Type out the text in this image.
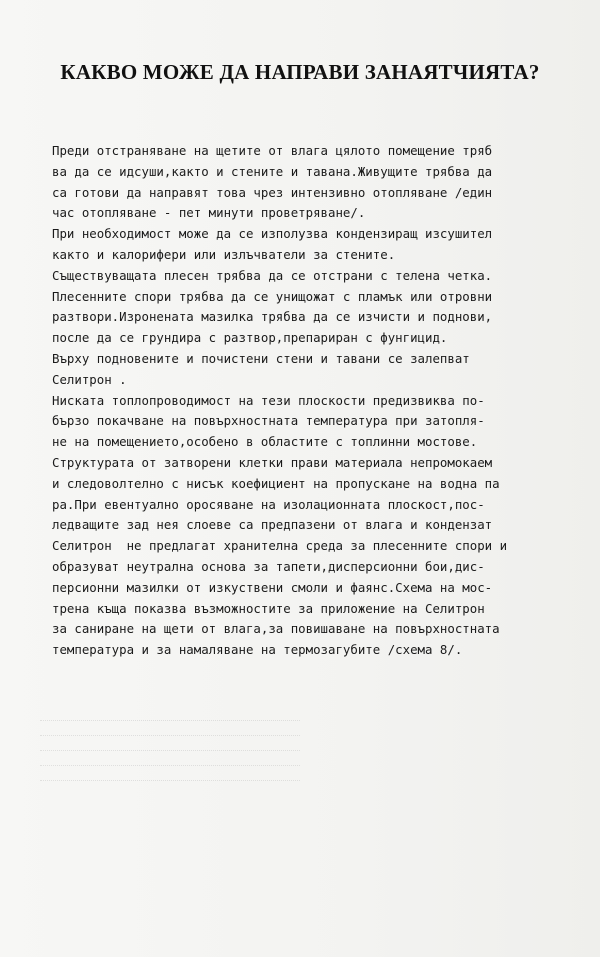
КАКВО МОЖЕ ДА НАПРАВИ ЗАНАЯТЧИЯТА?
Преди отстраняване на щетите от влага цялото помещение тряб
ва да се идсуши,както и стените и тавана.Живущите трябва да
са готови да направят това чрез интензивно отопляване /един
час отопляване - пет минути проветряване/.
При необходимост може да се изполузва кондензиращ изсушител
както и калорифери или излъчватели за стените.
Съществуващата плесен трябва да се отстрани с телена четка.
Плесенните спори трябва да се унищожат с пламък или отровни
разтвори.Изронената мазилка трябва да се изчисти и поднови,
после да се грундира с разтвор,препариран с фунгицид.
Върху подновените и почистени стени и тавани се залепват
Селитрон .
Ниската топлопроводимост на тези плоскости предизвиква по-
бързо покачване на повърхностната температура при затопля-
не на помещението,особено в областите с топлинни мостове.
Структурата от затворени клетки прави материала непромокаем
и следоволтелно с нисък коефициент на пропускане на водна па
ра.При евентуално оросяване на изолационната плоскост,пос-
ледващите зад нея слоеве са предпазени от влага и кондензат
Селитрон  не предлагат хранителна среда за плесенните спори и
образуват неутрална основа за тапети,дисперсионни бои,дис-
персионни мазилки от изкуствени смоли и фаянс.Схема на мос-
трена къща показва възможностите за приложение на Селитрон
за саниране на щети от влага,за повишаване на повърхностната
температура и за намаляване на термозагубите /схема 8/.
